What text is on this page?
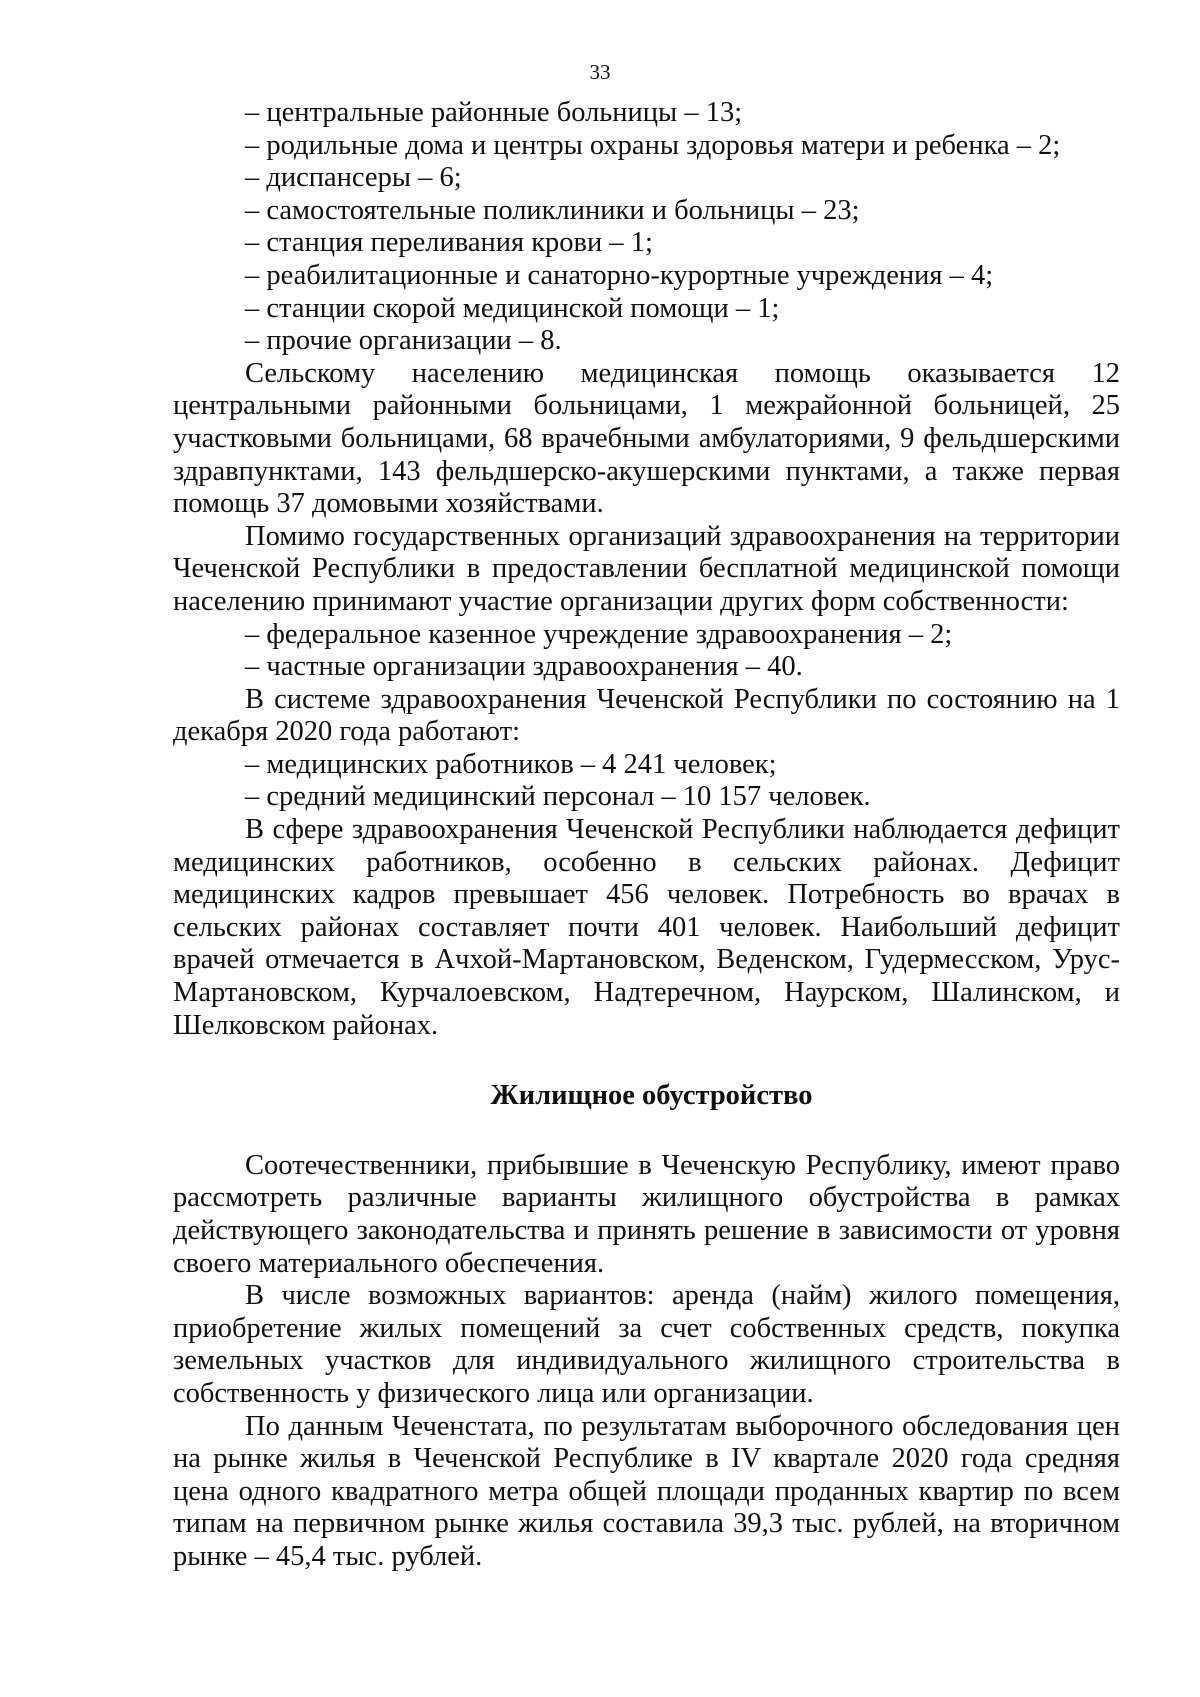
33
– центральные районные больницы – 13;
– родильные дома и центры охраны здоровья матери и ребенка – 2;
– диспансеры – 6;
– самостоятельные поликлиники и больницы – 23;
– станция переливания крови – 1;
– реабилитационные и санаторно-курортные учреждения – 4;
– станции скорой медицинской помощи – 1;
– прочие организации – 8.

Сельскому населению медицинская помощь оказывается 12 центральными районными больницами, 1 межрайонной больницей, 25 участковыми больницами, 68 врачебными амбулаториями, 9 фельдшерскими здравпунктами, 143 фельдшерско-акушерскими пунктами, а также первая помощь 37 домовыми хозяйствами.

Помимо государственных организаций здравоохранения на территории Чеченской Республики в предоставлении бесплатной медицинской помощи населению принимают участие организации других форм собственности:

– федеральное казенное учреждение здравоохранения – 2;
– частные организации здравоохранения – 40.

В системе здравоохранения Чеченской Республики по состоянию на 1 декабря 2020 года работают:

– медицинских работников – 4 241 человек;
– средний медицинский персонал – 10 157 человек.

В сфере здравоохранения Чеченской Республики наблюдается дефицит медицинских работников, особенно в сельских районах. Дефицит медицинских кадров превышает 456 человек. Потребность во врачах в сельских районах составляет почти 401 человек. Наибольший дефицит врачей отмечается в Ачхой-Мартановском, Веденском, Гудермесском, Урус-Мартановском, Курчалоевском, Надтеречном, Наурском, Шалинском, и Шелковском районах.

Жилищное обустройство

Соотечественники, прибывшие в Чеченскую Республику, имеют право рассмотреть различные варианты жилищного обустройства в рамках действующего законодательства и принять решение в зависимости от уровня своего материального обеспечения.

В числе возможных вариантов: аренда (найм) жилого помещения, приобретение жилых помещений за счет собственных средств, покупка земельных участков для индивидуального жилищного строительства в собственность у физического лица или организации.

По данным Чеченстата, по результатам выборочного обследования цен на рынке жилья в Чеченской Республике в IV квартале 2020 года средняя цена одного квадратного метра общей площади проданных квартир по всем типам на первичном рынке жилья составила 39,3 тыс. рублей, на вторичном рынке – 45,4 тыс. рублей.
